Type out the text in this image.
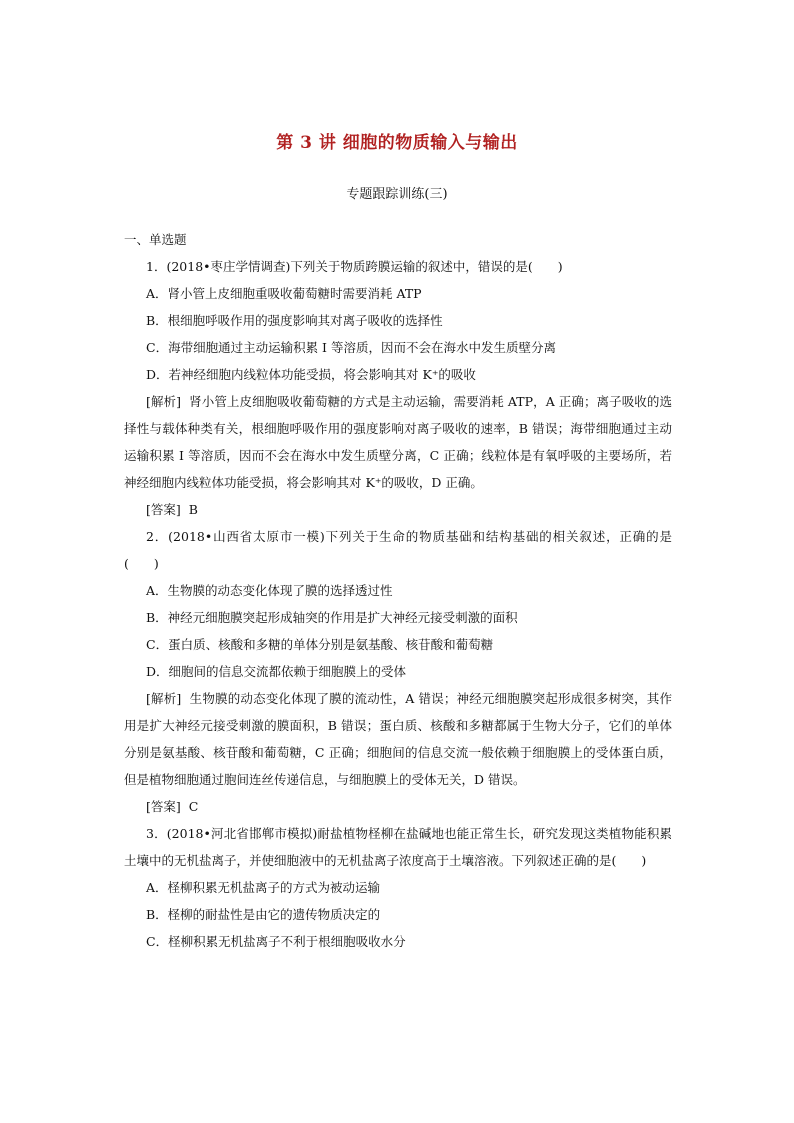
第 3 讲 细胞的物质输入与输出
专题跟踪训练(三)
一、单选题
1．(2018•枣庄学情调查)下列关于物质跨膜运输的叙述中，错误的是(　　)
A．肾小管上皮细胞重吸收葡萄糖时需要消耗 ATP
B．根细胞呼吸作用的强度影响其对离子吸收的选择性
C．海带细胞通过主动运输积累 I 等溶质，因而不会在海水中发生质壁分离
D．若神经细胞内线粒体功能受损，将会影响其对 K⁺的吸收
[解析] 肾小管上皮细胞吸收葡萄糖的方式是主动运输，需要消耗 ATP，A 正确；离子吸收的选择性与载体种类有关，根细胞呼吸作用的强度影响对离子吸收的速率，B 错误；海带细胞通过主动运输积累 I 等溶质，因而不会在海水中发生质壁分离，C 正确；线粒体是有氧呼吸的主要场所，若神经细胞内线粒体功能受损，将会影响其对 K⁺的吸收，D 正确。
[答案] B
2．(2018•山西省太原市一模)下列关于生命的物质基础和结构基础的相关叙述，正确的是(　　)
A．生物膜的动态变化体现了膜的选择透过性
B．神经元细胞膜突起形成轴突的作用是扩大神经元接受刺激的面积
C．蛋白质、核酸和多糖的单体分别是氨基酸、核苷酸和葡萄糖
D．细胞间的信息交流都依赖于细胞膜上的受体
[解析] 生物膜的动态变化体现了膜的流动性，A 错误；神经元细胞膜突起形成很多树突，其作用是扩大神经元接受刺激的膜面积，B 错误；蛋白质、核酸和多糖都属于生物大分子，它们的单体分别是氨基酸、核苷酸和葡萄糖，C 正确；细胞间的信息交流一般依赖于细胞膜上的受体蛋白质，但是植物细胞通过胞间连丝传递信息，与细胞膜上的受体无关，D 错误。
[答案] C
3．(2018•河北省邯郸市模拟)耐盐植物柽柳在盐碱地也能正常生长，研究发现这类植物能积累土壤中的无机盐离子，并使细胞液中的无机盐离子浓度高于土壤溶液。下列叙述正确的是(　　)
A．柽柳积累无机盐离子的方式为被动运输
B．柽柳的耐盐性是由它的遗传物质决定的
C．柽柳积累无机盐离子不利于根细胞吸收水分
